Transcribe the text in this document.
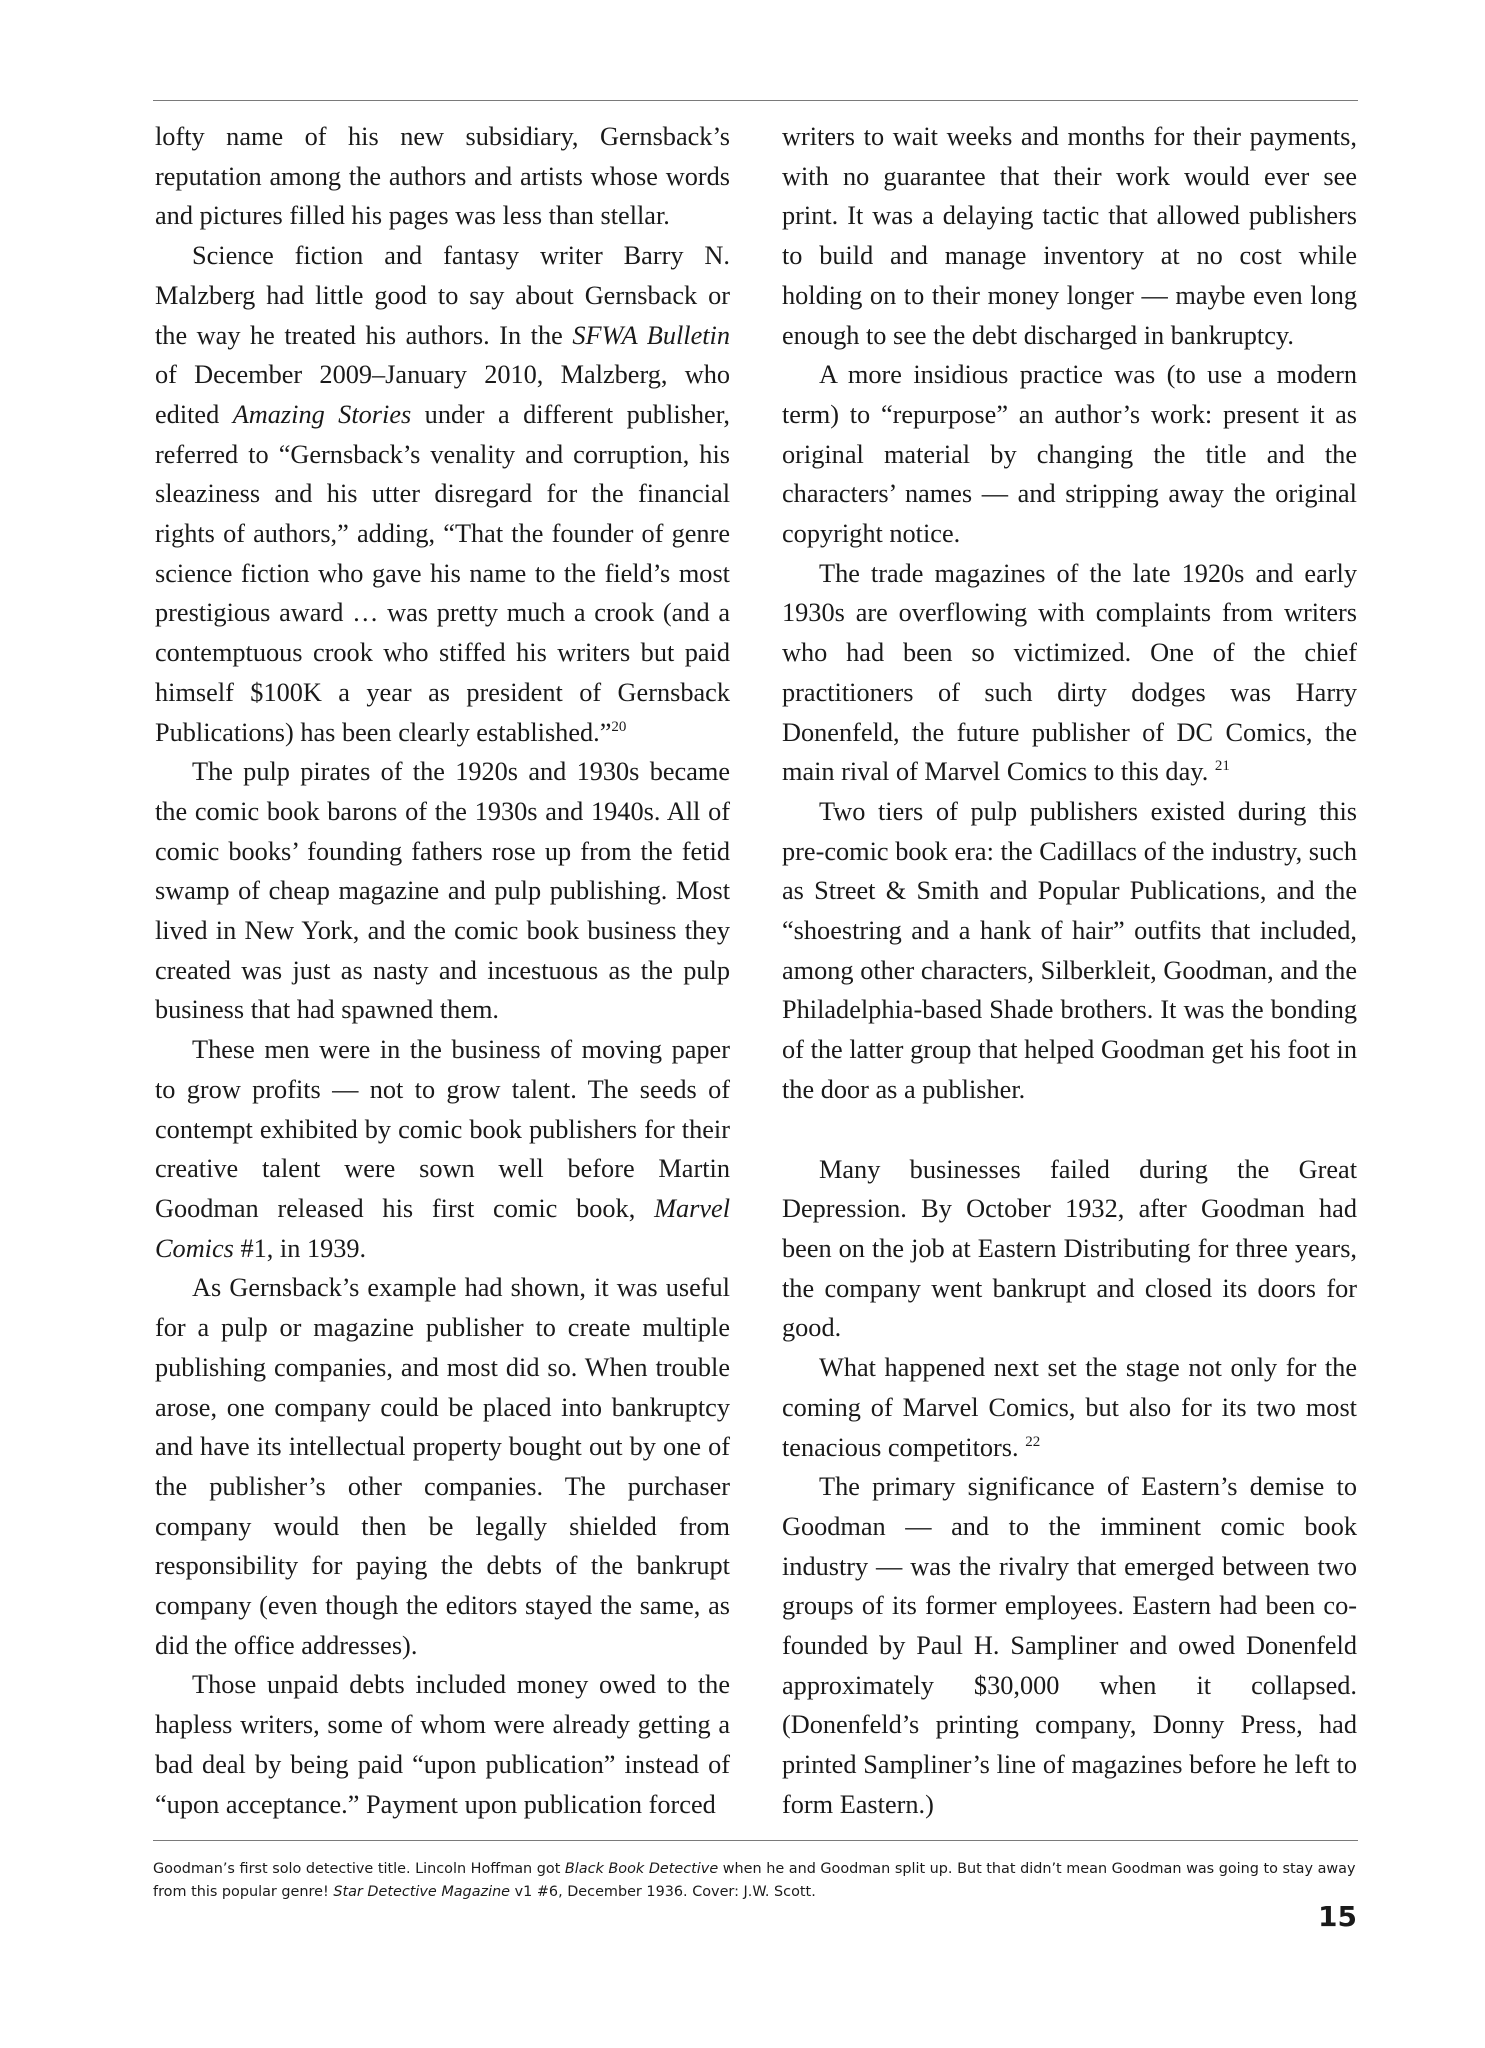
lofty name of his new subsidiary, Gernsback’s reputation among the authors and artists whose words and pictures filled his pages was less than stellar.

Science fiction and fantasy writer Barry N. Malzberg had little good to say about Gernsback or the way he treated his authors. In the SFWA Bulletin of December 2009–January 2010, Malzberg, who edited Amazing Stories under a different publisher, referred to “Gernsback’s venality and corruption, his sleaziness and his utter disregard for the financial rights of authors,” adding, “That the founder of genre science fiction who gave his name to the field’s most prestigious award … was pretty much a crook (and a contemptuous crook who stiffed his writers but paid himself $100K a year as president of Gernsback Publications) has been clearly established.”$^{20}$

The pulp pirates of the 1920s and 1930s became the comic book barons of the 1930s and 1940s. All of comic books’ founding fathers rose up from the fetid swamp of cheap magazine and pulp publishing. Most lived in New York, and the comic book business they created was just as nasty and incestuous as the pulp business that had spawned them.

These men were in the business of moving paper to grow profits — not to grow talent. The seeds of contempt exhibited by comic book publishers for their creative talent were sown well before Martin Goodman released his first comic book, Marvel Comics #1, in 1939.

As Gernsback’s example had shown, it was useful for a pulp or magazine publisher to create multiple publishing companies, and most did so. When trouble arose, one company could be placed into bankruptcy and have its intellectual property bought out by one of the publisher’s other companies. The purchaser company would then be legally shielded from responsibility for paying the debts of the bankrupt company (even though the editors stayed the same, as did the office addresses).

Those unpaid debts included money owed to the hapless writers, some of whom were already getting a bad deal by being paid “upon publication” instead of “upon acceptance.” Payment upon publication forced

writers to wait weeks and months for their payments, with no guarantee that their work would ever see print. It was a delaying tactic that allowed publishers to build and manage inventory at no cost while holding on to their money longer — maybe even long enough to see the debt discharged in bankruptcy.

A more insidious practice was (to use a modern term) to “repurpose” an author’s work: present it as original material by changing the title and the characters’ names — and stripping away the original copyright notice.

The trade magazines of the late 1920s and early 1930s are overflowing with complaints from writers who had been so victimized. One of the chief practitioners of such dirty dodges was Harry Donenfeld, the future publisher of DC Comics, the main rival of Marvel Comics to this day. $^{21}$

Two tiers of pulp publishers existed during this pre-comic book era: the Cadillacs of the industry, such as Street & Smith and Popular Publications, and the “shoestring and a hank of hair” outfits that included, among other characters, Silberkleit, Goodman, and the Philadelphia-based Shade brothers. It was the bonding of the latter group that helped Goodman get his foot in the door as a publisher.

Many businesses failed during the Great Depression. By October 1932, after Goodman had been on the job at Eastern Distributing for three years, the company went bankrupt and closed its doors for good.

What happened next set the stage not only for the coming of Marvel Comics, but also for its two most tenacious competitors. $^{22}$

The primary significance of Eastern’s demise to Goodman — and to the imminent comic book industry — was the rivalry that emerged between two groups of its former employees. Eastern had been co-founded by Paul H. Sampliner and owed Donenfeld approximately $30,000 when it collapsed. (Donenfeld’s printing company, Donny Press, had printed Sampliner’s line of magazines before he left to form Eastern.)

Goodman’s first solo detective title. Lincoln Hoffman got Black Book Detective when he and Goodman split up. But that didn’t mean Goodman was going to stay away from this popular genre! Star Detective Magazine v1 #6, December 1936. Cover: J.W. Scott.
15
